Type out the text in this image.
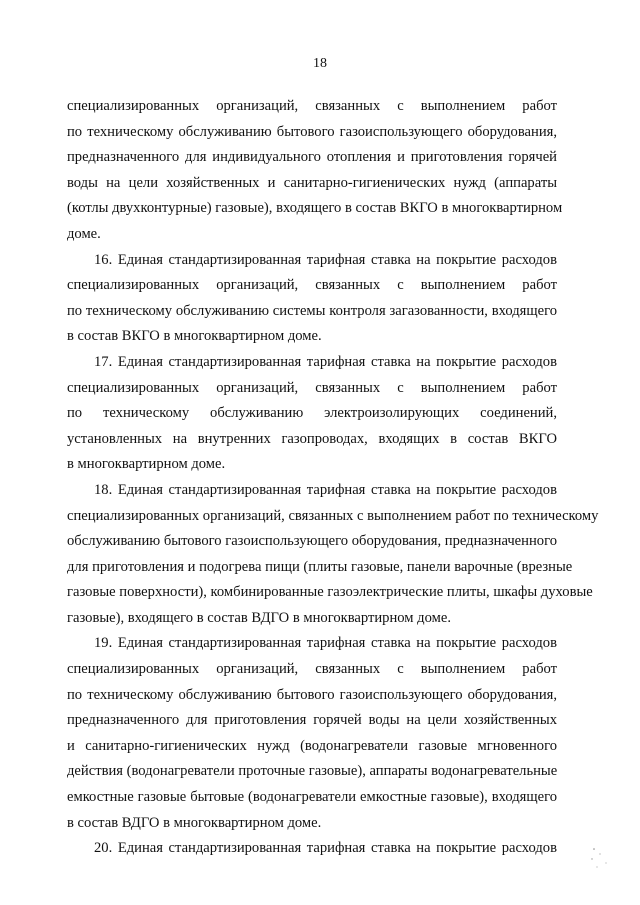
18
специализированных организаций, связанных с выполнением работ
по техническому обслуживанию бытового газоиспользующего оборудования,
предназначенного для индивидуального отопления и приготовления горячей
воды на цели хозяйственных и санитарно-гигиенических нужд (аппараты
(котлы двухконтурные) газовые), входящего в состав ВКГО в многоквартирном
доме.
16. Единая стандартизированная тарифная ставка на покрытие расходов
специализированных организаций, связанных с выполнением работ
по техническому обслуживанию системы контроля загазованности, входящего
в состав ВКГО в многоквартирном доме.
17. Единая стандартизированная тарифная ставка на покрытие расходов
специализированных организаций, связанных с выполнением работ
по техническому обслуживанию электроизолирующих соединений,
установленных на внутренних газопроводах, входящих в состав ВКГО
в многоквартирном доме.
18. Единая стандартизированная тарифная ставка на покрытие расходов
специализированных организаций, связанных с выполнением работ по техническому
обслуживанию бытового газоиспользующего оборудования, предназначенного
для приготовления и подогрева пищи (плиты газовые, панели варочные (врезные
газовые поверхности), комбинированные газоэлектрические плиты, шкафы духовые
газовые), входящего в состав ВДГО в многоквартирном доме.
19. Единая стандартизированная тарифная ставка на покрытие расходов
специализированных организаций, связанных с выполнением работ
по техническому обслуживанию бытового газоиспользующего оборудования,
предназначенного для приготовления горячей воды на цели хозяйственных
и санитарно-гигиенических нужд (водонагреватели газовые мгновенного
действия (водонагреватели проточные газовые), аппараты водонагревательные
емкостные газовые бытовые (водонагреватели емкостные газовые), входящего
в состав ВДГО в многоквартирном доме.
20. Единая стандартизированная тарифная ставка на покрытие расходов
